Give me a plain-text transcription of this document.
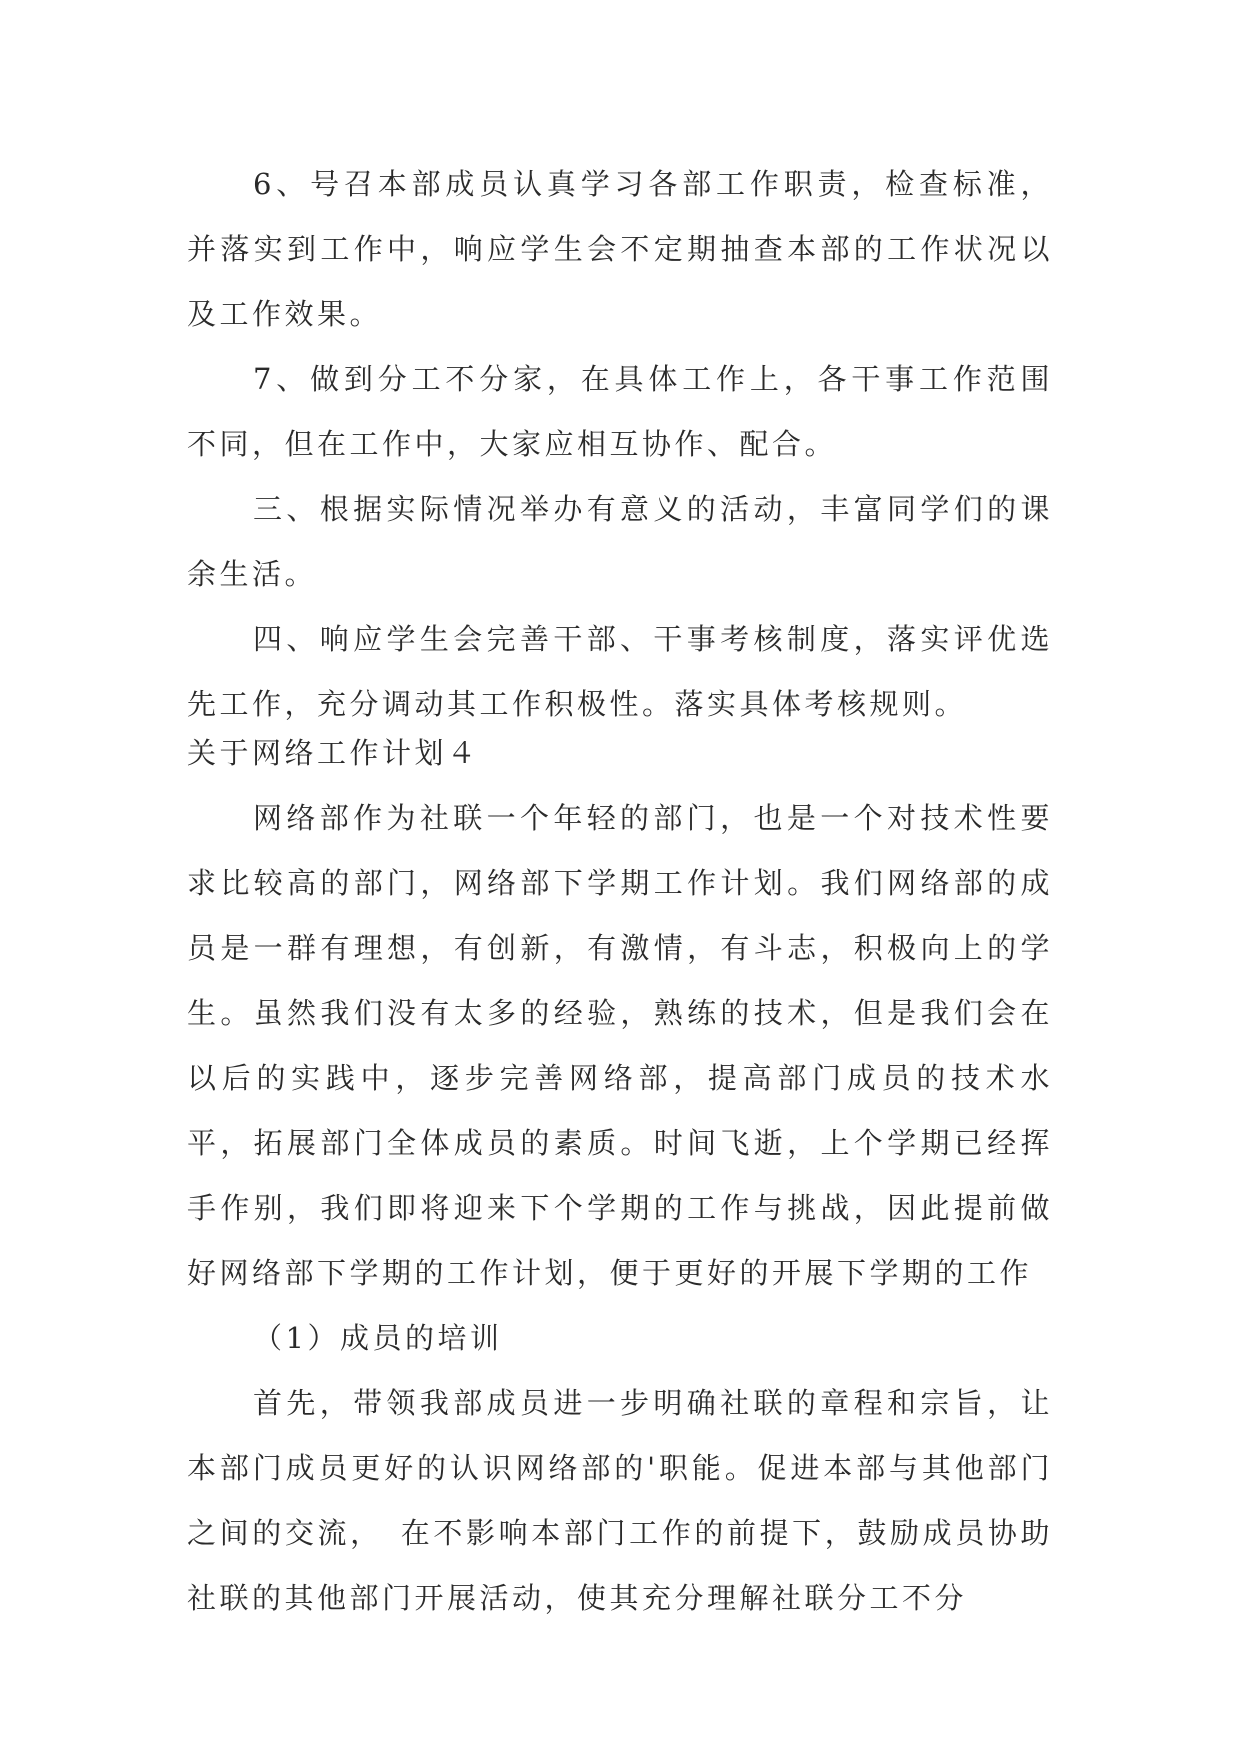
6、号召本部成员认真学习各部工作职责，检查标准，并落实到工作中，响应学生会不定期抽查本部的工作状况以及工作效果。

7、做到分工不分家，在具体工作上，各干事工作范围不同，但在工作中，大家应相互协作、配合。

三、根据实际情况举办有意义的活动，丰富同学们的课余生活。

四、响应学生会完善干部、干事考核制度，落实评优选先工作，充分调动其工作积极性。落实具体考核规则。

关于网络工作计划４

网络部作为社联一个年轻的部门，也是一个对技术性要求比较高的部门，网络部下学期工作计划。我们网络部的成员是一群有理想，有创新，有激情，有斗志，积极向上的学生。虽然我们没有太多的经验，熟练的技术，但是我们会在以后的实践中，逐步完善网络部，提高部门成员的技术水平，拓展部门全体成员的素质。时间飞逝，上个学期已经挥手作别，我们即将迎来下个学期的工作与挑战，因此提前做好网络部下学期的工作计划，便于更好的开展下学期的工作

（1）成员的培训

首先，带领我部成员进一步明确社联的章程和宗旨，让本部门成员更好的认识网络部的'职能。促进本部与其他部门之间的交流，　在不影响本部门工作的前提下，鼓励成员协助社联的其他部门开展活动，使其充分理解社联分工不分
